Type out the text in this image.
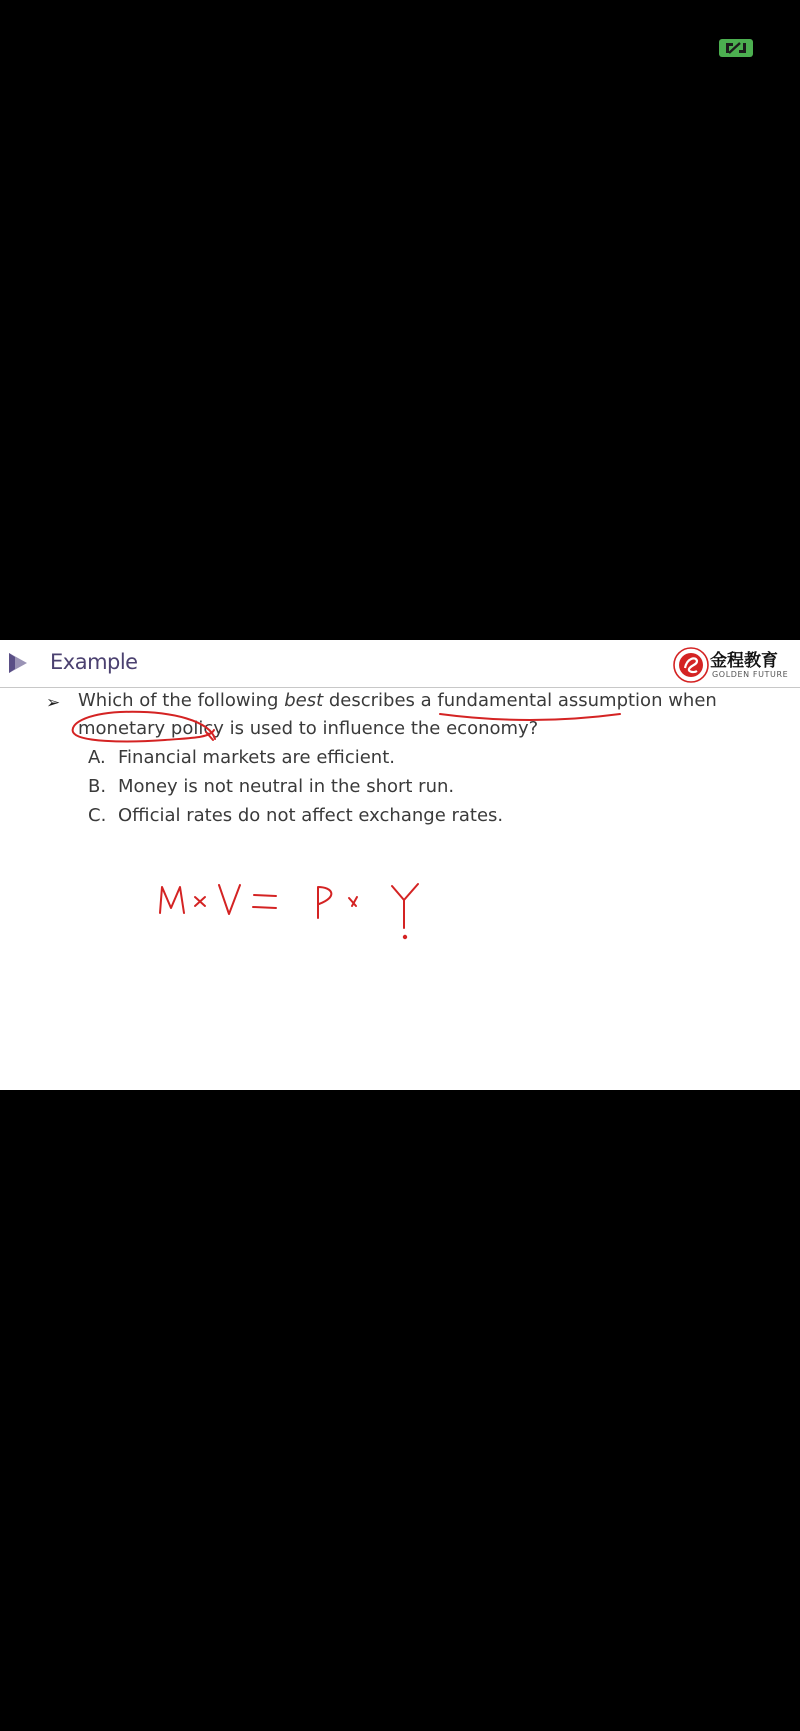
Example	金程教育
GOLDEN FUTURE
➢ Which of the following best describes a fundamental assumption when
monetary policy is used to influence the economy?
A. Financial markets are efficient.
B. Money is not neutral in the short run.
C. Official rates do not affect exchange rates.
